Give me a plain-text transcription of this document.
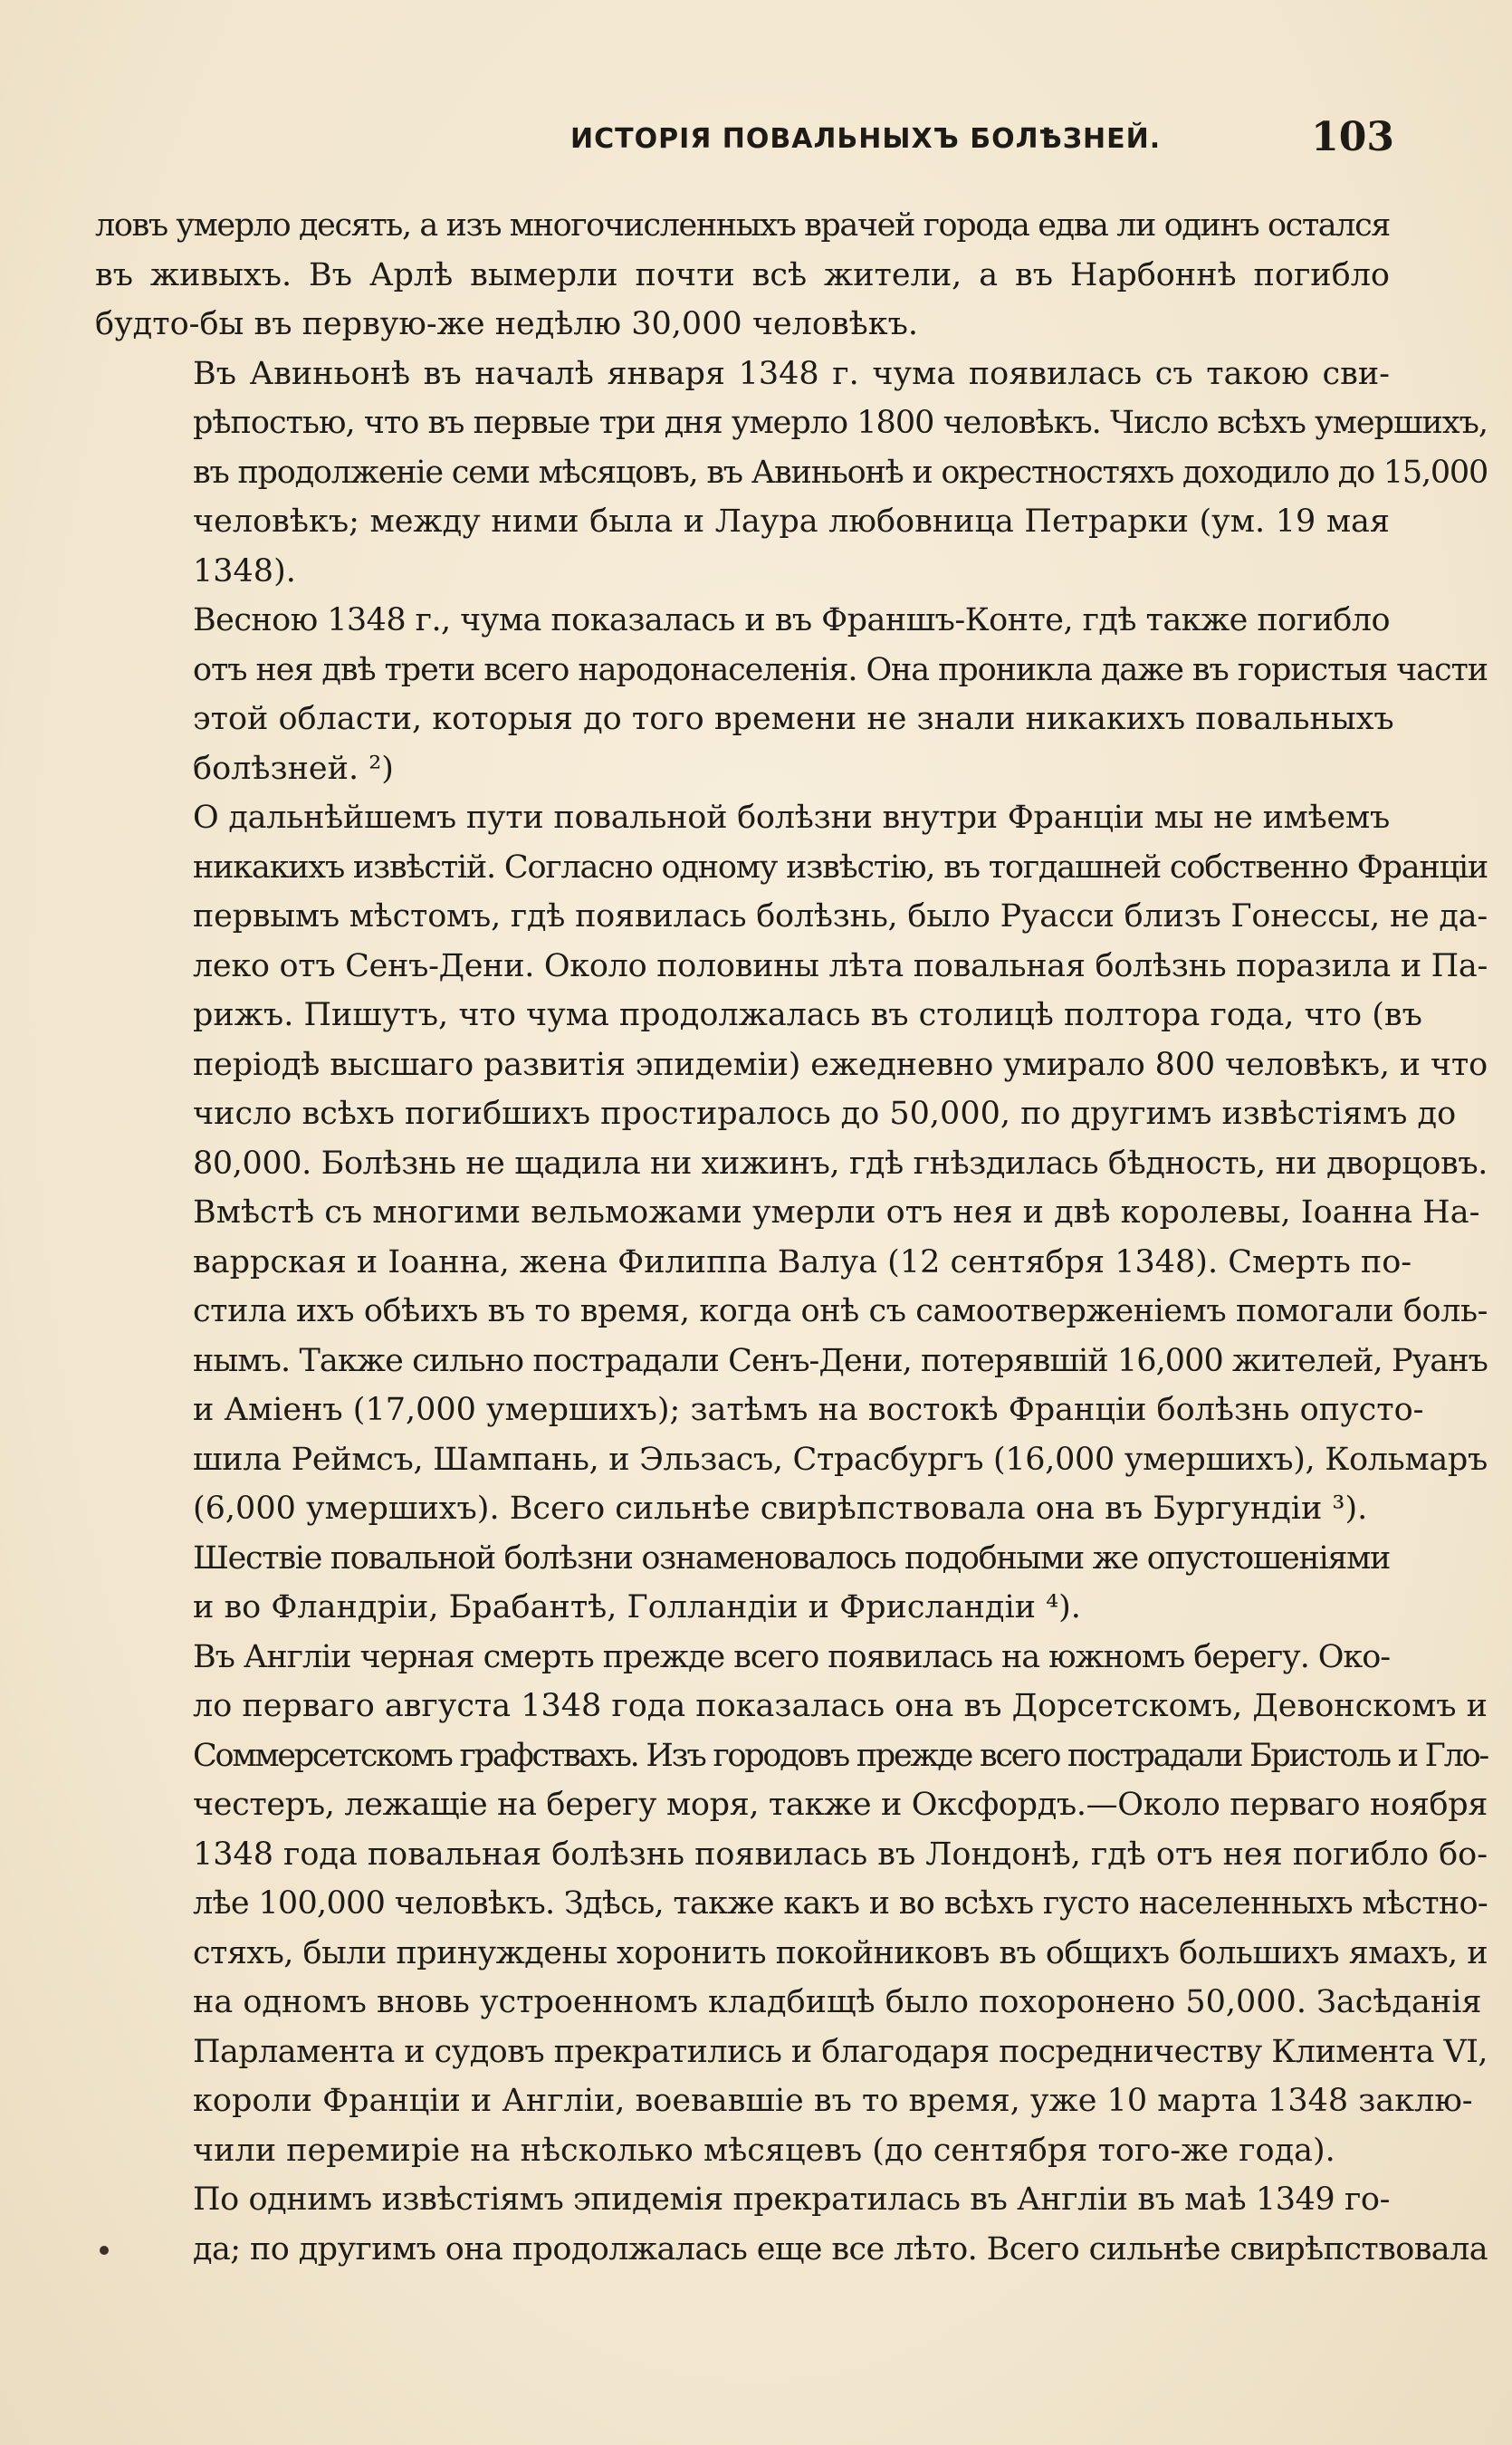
ИСТОРІЯ ПОВАЛЬНЫХЪ БОЛѢЗНЕЙ.	103
ловъ умерло десять, а изъ многочисленныхъ врачей города едва ли одинъ остался
въ живыхъ. Въ Арлѣ вымерли почти всѣ жители, а въ Нарбоннѣ погибло
будто-бы въ первую-же недѣлю 30,000 человѣкъ.
Въ Авиньонѣ въ началѣ января 1348 г. чума появилась съ такою сви-
рѣпостью, что въ первые три дня умерло 1800 человѣкъ. Число всѣхъ умершихъ,
въ продолженіе семи мѣсяцовъ, въ Авиньонѣ и окрестностяхъ доходило до 15,000
человѣкъ; между ними была и Лаура любовница Петрарки (ум. 19 мая
1348).
Весною 1348 г., чума показалась и въ Франшъ-Конте, гдѣ также погибло
отъ нея двѣ трети всего народонаселенія. Она проникла даже въ гористыя части
этой области, которыя до того времени не знали никакихъ повальныхъ
болѣзней. ²)
О дальнѣйшемъ пути повальной болѣзни внутри Франціи мы не имѣемъ
никакихъ извѣстій. Согласно одному извѣстію, въ тогдашней собственно Франціи
первымъ мѣстомъ, гдѣ появилась болѣзнь, было Руасси близъ Гонессы, не да-
леко отъ Сенъ-Дени. Около половины лѣта повальная болѣзнь поразила и Па-
рижъ. Пишутъ, что чума продолжалась въ столицѣ полтора года, что (въ
періодѣ высшаго развитія эпидеміи) ежедневно умирало 800 человѣкъ, и что
число всѣхъ погибшихъ простиралось до 50,000, по другимъ извѣстіямъ до
80,000. Болѣзнь не щадила ни хижинъ, гдѣ гнѣздилась бѣдность, ни дворцовъ.
Вмѣстѣ съ многими вельможами умерли отъ нея и двѣ королевы, Іоанна На-
варрская и Іоанна, жена Филиппа Валуа (12 сентября 1348). Смерть по-
стила ихъ обѣихъ въ то время, когда онѣ съ самоотверженіемъ помогали боль-
нымъ. Также сильно пострадали Сенъ-Дени, потерявшій 16,000 жителей, Руанъ
и Аміенъ (17,000 умершихъ); затѣмъ на востокѣ Франціи болѣзнь опусто-
шила Реймсъ, Шампань, и Эльзасъ, Страсбургъ (16,000 умершихъ), Кольмаръ
(6,000 умершихъ). Всего сильнѣе свирѣпствовала она въ Бургундіи ³).
Шествіе повальной болѣзни ознаменовалось подобными же опустошеніями
и во Фландріи, Брабантѣ, Голландіи и Фрисландіи ⁴).
Въ Англіи черная смерть прежде всего появилась на южномъ берегу. Око-
ло перваго августа 1348 года показалась она въ Дорсетскомъ, Девонскомъ и
Соммерсетскомъ графствахъ. Изъ городовъ прежде всего пострадали Бристоль и Гло-
честеръ, лежащіе на берегу моря, также и Оксфордъ.—Около перваго ноября
1348 года повальная болѣзнь появилась въ Лондонѣ, гдѣ отъ нея погибло бо-
лѣе 100,000 человѣкъ. Здѣсь, также какъ и во всѣхъ густо населенныхъ мѣстно-
стяхъ, были принуждены хоронить покойниковъ въ общихъ большихъ ямахъ, и
на одномъ вновь устроенномъ кладбищѣ было похоронено 50,000. Засѣданія
Парламента и судовъ прекратились и благодаря посредничеству Климента VI,
короли Франціи и Англіи, воевавшіе въ то время, уже 10 марта 1348 заклю-
чили перемиріе на нѣсколько мѣсяцевъ (до сентября того-же года).
По однимъ извѣстіямъ эпидемія прекратилась въ Англіи въ маѣ 1349 го-
да; по другимъ она продолжалась еще все лѣто. Всего сильнѣе свирѣпствовала
